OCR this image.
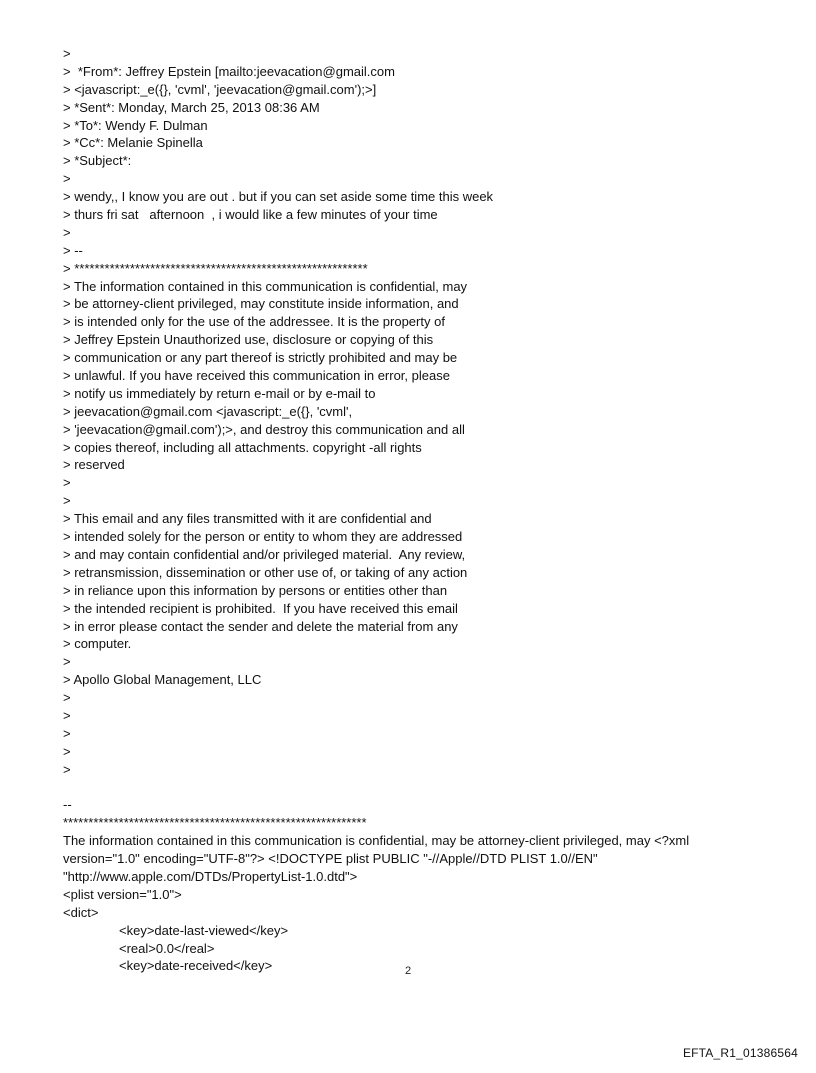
>

>  *From*: Jeffrey Epstein [mailto:jeevacation@gmail.com

> <javascript:_e({}, 'cvml', 'jeevacation@gmail.com');>]

> *Sent*: Monday, March 25, 2013 08:36 AM

> *To*: Wendy F. Dulman

> *Cc*: Melanie Spinella

> *Subject*:

>

> wendy,, I know you are out . but if you can set aside some time this week

> thurs fri sat   afternoon  , i would like a few minutes of your time

>

> --

> **********************************************************

> The information contained in this communication is confidential, may

> be attorney-client privileged, may constitute inside information, and

> is intended only for the use of the addressee. It is the property of

> Jeffrey Epstein Unauthorized use, disclosure or copying of this

> communication or any part thereof is strictly prohibited and may be

> unlawful. If you have received this communication in error, please

> notify us immediately by return e-mail or by e-mail to

> jeevacation@gmail.com <javascript:_e({}, 'cvml',

> 'jeevacation@gmail.com');>, and destroy this communication and all

> copies thereof, including all attachments. copyright -all rights

> reserved

>

>

> This email and any files transmitted with it are confidential and

> intended solely for the person or entity to whom they are addressed

> and may contain confidential and/or privileged material.  Any review,

> retransmission, dissemination or other use of, or taking of any action

> in reliance upon this information by persons or entities other than

> the intended recipient is prohibited.  If you have received this email

> in error please contact the sender and delete the material from any

> computer.

>

> Apollo Global Management, LLC

>

>

>

>

>

--

************************************************************

The information contained in this communication is confidential, may be attorney-client privileged, may <?xml

version="1.0" encoding="UTF-8"?> <!DOCTYPE plist PUBLIC "-//Apple//DTD PLIST 1.0//EN"

"http://www.apple.com/DTDs/PropertyList-1.0.dtd">

<plist version="1.0">

<dict>

<key>date-last-viewed</key>

<real>0.0</real>

<key>date-received</key>	2
EFTA_R1_01386564
